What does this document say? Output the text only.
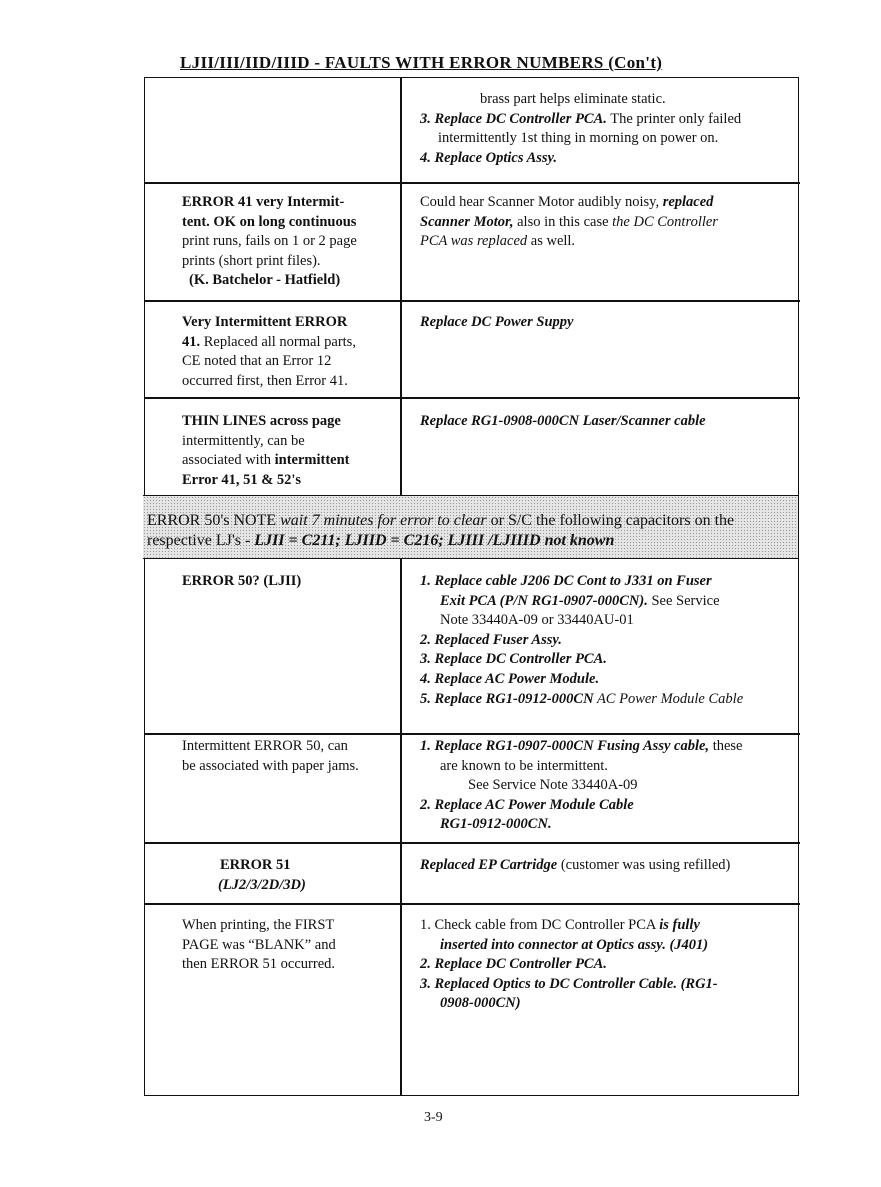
LJII/III/IID/IIID - FAULTS WITH ERROR NUMBERS (Con't)
brass part helps eliminate static.
3. Replace DC Controller PCA. The printer only failed
intermittently 1st thing in morning on power on.
4. Replace Optics Assy.
ERROR 41 very Intermit-
tent. OK on long continuous
print runs, fails on 1 or 2 page
prints (short print files).
(K. Batchelor - Hatfield)
Could hear Scanner Motor audibly noisy, replaced
Scanner Motor, also in this case the DC Controller
PCA was replaced as well.
Very Intermittent ERROR
41. Replaced all normal parts,
CE noted that an Error 12
occurred first, then Error 41.
Replace DC Power Suppy
THIN LINES across page
intermittently, can be
associated with intermittent
Error 41, 51 & 52's
Replace RG1-0908-000CN Laser/Scanner cable
ERROR 50's NOTE wait 7 minutes for error to clear or S/C the following capacitors on the
respective LJ's - LJII = C211; LJIID = C216; LJIII /LJIIID not known
ERROR 50? (LJII)	1. Replace cable J206 DC Cont to J331 on Fuser
Exit PCA (P/N RG1-0907-000CN). See Service
Note 33440A-09 or 33440AU-01
2. Replaced Fuser Assy.
3. Replace DC Controller PCA.
4. Replace AC Power Module.
5. Replace RG1-0912-000CN AC Power Module Cable
Intermittent ERROR 50, can
be associated with paper jams.
1. Replace RG1-0907-000CN Fusing Assy cable, these
are known to be intermittent.
See Service Note 33440A-09
2. Replace AC Power Module Cable
RG1-0912-000CN.
ERROR 51
(LJ2/3/2D/3D)
Replaced EP Cartridge (customer was using refilled)
When printing, the FIRST
PAGE was “BLANK” and
then ERROR 51 occurred.
1. Check cable from DC Controller PCA is fully
inserted into connector at Optics assy. (J401)
2. Replace DC Controller PCA.
3. Replaced Optics to DC Controller Cable. (RG1-
0908-000CN)
3-9
